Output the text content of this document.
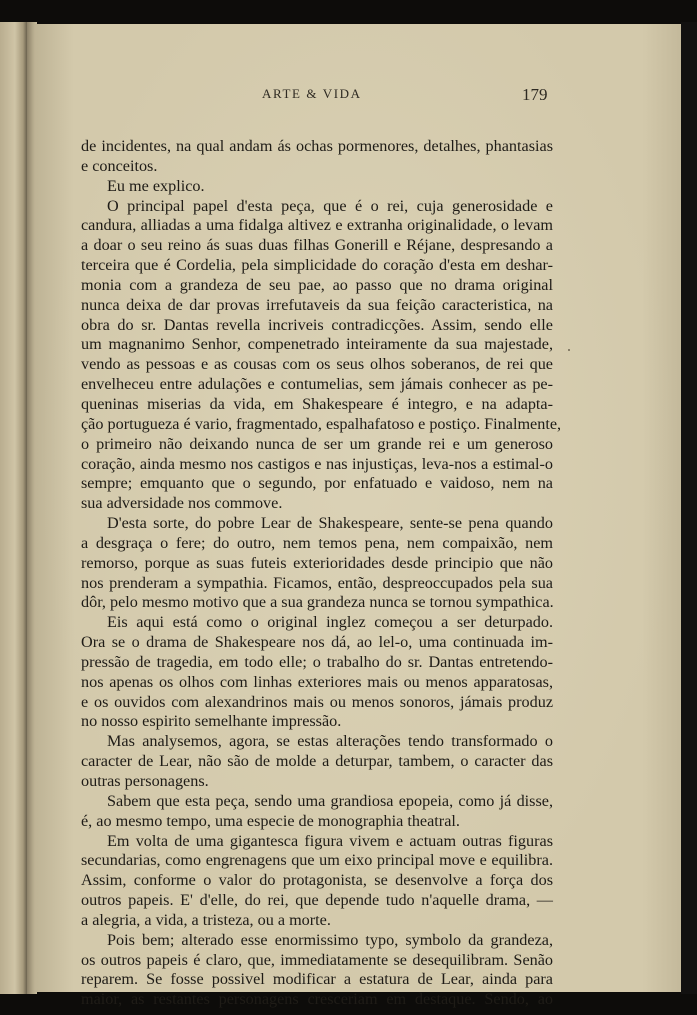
ARTE & VIDA	179
de incidentes, na qual andam ás ochas pormenores, detalhes, phantasias
e conceitos.
Eu me explico.
O principal papel d'esta peça, que é o rei, cuja generosidade e
candura, alliadas a uma fidalga altivez e extranha originalidade, o levam
a doar o seu reino ás suas duas filhas Gonerill e Réjane, despresando a
terceira que é Cordelia, pela simplicidade do coração d'esta em deshar-
monia com a grandeza de seu pae, ao passo que no drama original
nunca deixa de dar provas irrefutaveis da sua feição caracteristica, na
obra do sr. Dantas revella incriveis contradicções. Assim, sendo elle
um magnanimo Senhor, compenetrado inteiramente da sua majestade,
vendo as pessoas e as cousas com os seus olhos soberanos, de rei que
envelheceu entre adulações e contumelias, sem jámais conhecer as pe-
queninas miserias da vida, em Shakespeare é integro, e na adapta-
ção portugueza é vario, fragmentado, espalhafatoso e postiço. Finalmente,
o primeiro não deixando nunca de ser um grande rei e um generoso
coração, ainda mesmo nos castigos e nas injustiças, leva-nos a estimal-o
sempre; emquanto que o segundo, por enfatuado e vaidoso, nem na
sua adversidade nos commove.
D'esta sorte, do pobre Lear de Shakespeare, sente-se pena quando
a desgraça o fere; do outro, nem temos pena, nem compaixão, nem
remorso, porque as suas futeis exterioridades desde principio que não
nos prenderam a sympathia. Ficamos, então, despreoccupados pela sua
dôr, pelo mesmo motivo que a sua grandeza nunca se tornou sympathica.
Eis aqui está como o original inglez começou a ser deturpado.
Ora se o drama de Shakespeare nos dá, ao lel-o, uma continuada im-
pressão de tragedia, em todo elle; o trabalho do sr. Dantas entretendo-
nos apenas os olhos com linhas exteriores mais ou menos apparatosas,
e os ouvidos com alexandrinos mais ou menos sonoros, jámais produz
no nosso espirito semelhante impressão.
Mas analysemos, agora, se estas alterações tendo transformado o
caracter de Lear, não são de molde a deturpar, tambem, o caracter das
outras personagens.
Sabem que esta peça, sendo uma grandiosa epopeia, como já disse,
é, ao mesmo tempo, uma especie de monographia theatral.
Em volta de uma gigantesca figura vivem e actuam outras figuras
secundarias, como engrenagens que um eixo principal move e equilibra.
Assim, conforme o valor do protagonista, se desenvolve a força dos
outros papeis. E' d'elle, do rei, que depende tudo n'aquelle drama, —
a alegria, a vida, a tristeza, ou a morte.
Pois bem; alterado esse enormissimo typo, symbolo da grandeza,
os outros papeis é claro, que, immediatamente se desequilibram. Senão
reparem. Se fosse possivel modificar a estatura de Lear, ainda para
maior, as restantes personagens cresceriam em destaque. Sendo, ao
